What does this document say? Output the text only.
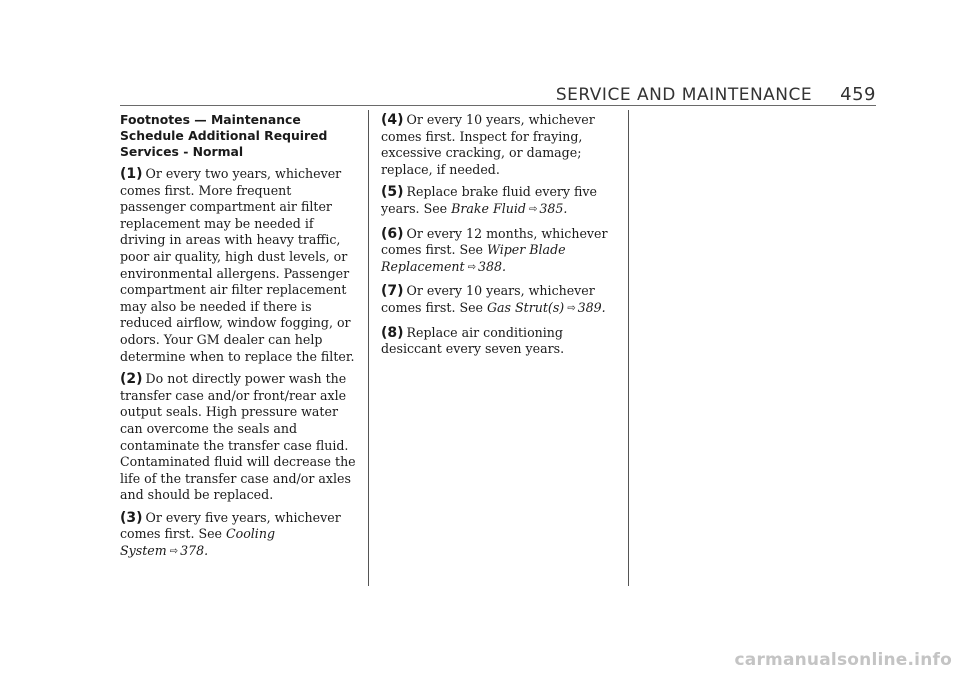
SERVICE AND MAINTENANCE 459

Footnotes — Maintenance Schedule Additional Required Services - Normal

(1) Or every two years, whichever comes first. More frequent passenger compartment air filter replacement may be needed if driving in areas with heavy traffic, poor air quality, high dust levels, or environmental allergens. Passenger compartment air filter replacement may also be needed if there is reduced airflow, window fogging, or odors. Your GM dealer can help determine when to replace the filter.

(2) Do not directly power wash the transfer case and/or front/rear axle output seals. High pressure water can overcome the seals and contaminate the transfer case fluid. Contaminated fluid will decrease the life of the transfer case and/or axles and should be replaced.

(3) Or every five years, whichever comes first. See Cooling System ⇨ 378.

(4) Or every 10 years, whichever comes first. Inspect for fraying, excessive cracking, or damage; replace, if needed.

(5) Replace brake fluid every five years. See Brake Fluid ⇨ 385.

(6) Or every 12 months, whichever comes first. See Wiper Blade Replacement ⇨ 388.

(7) Or every 10 years, whichever comes first. See Gas Strut(s) ⇨ 389.

(8) Replace air conditioning desiccant every seven years.

carmanualsonline.info
